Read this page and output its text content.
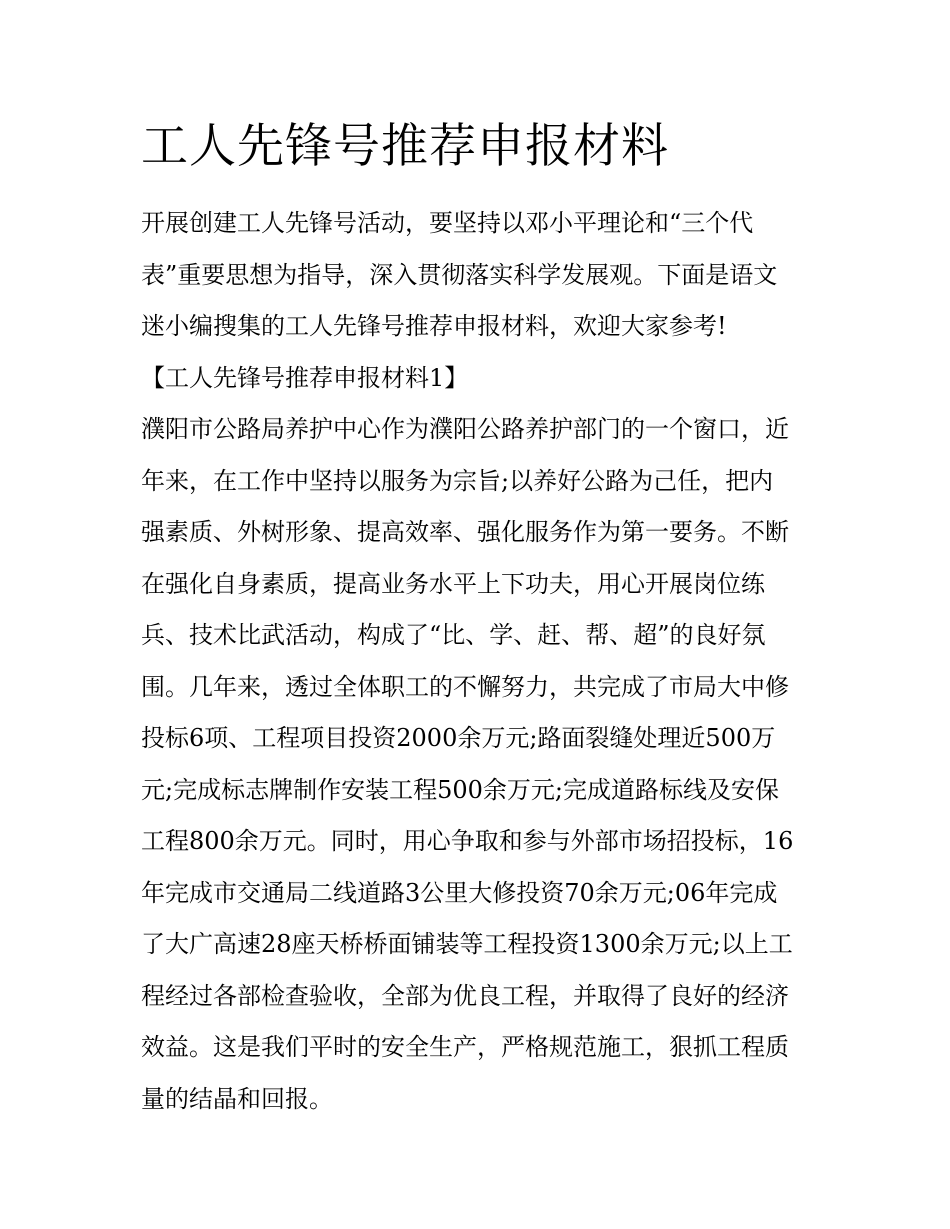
工人先锋号推荐申报材料
开展创建工人先锋号活动，要坚持以邓小平理论和“三个代
表”重要思想为指导，深入贯彻落实科学发展观。下面是语文
迷小编搜集的工人先锋号推荐申报材料，欢迎大家参考!
【工人先锋号推荐申报材料1】
濮阳市公路局养护中心作为濮阳公路养护部门的一个窗口，近
年来，在工作中坚持以服务为宗旨;以养好公路为己任，把内
强素质、外树形象、提高效率、强化服务作为第一要务。不断
在强化自身素质，提高业务水平上下功夫，用心开展岗位练
兵、技术比武活动，构成了“比、学、赶、帮、超”的良好氛
围。几年来，透过全体职工的不懈努力，共完成了市局大中修
投标6项、工程项目投资2000余万元;路面裂缝处理近500万
元;完成标志牌制作安装工程500余万元;完成道路标线及安保
工程800余万元。同时，用心争取和参与外部市场招投标，16
年完成市交通局二线道路3公里大修投资70余万元;06年完成
了大广高速28座天桥桥面铺装等工程投资1300余万元;以上工
程经过各部检查验收，全部为优良工程，并取得了良好的经济
效益。这是我们平时的安全生产，严格规范施工，狠抓工程质
量的结晶和回报。
